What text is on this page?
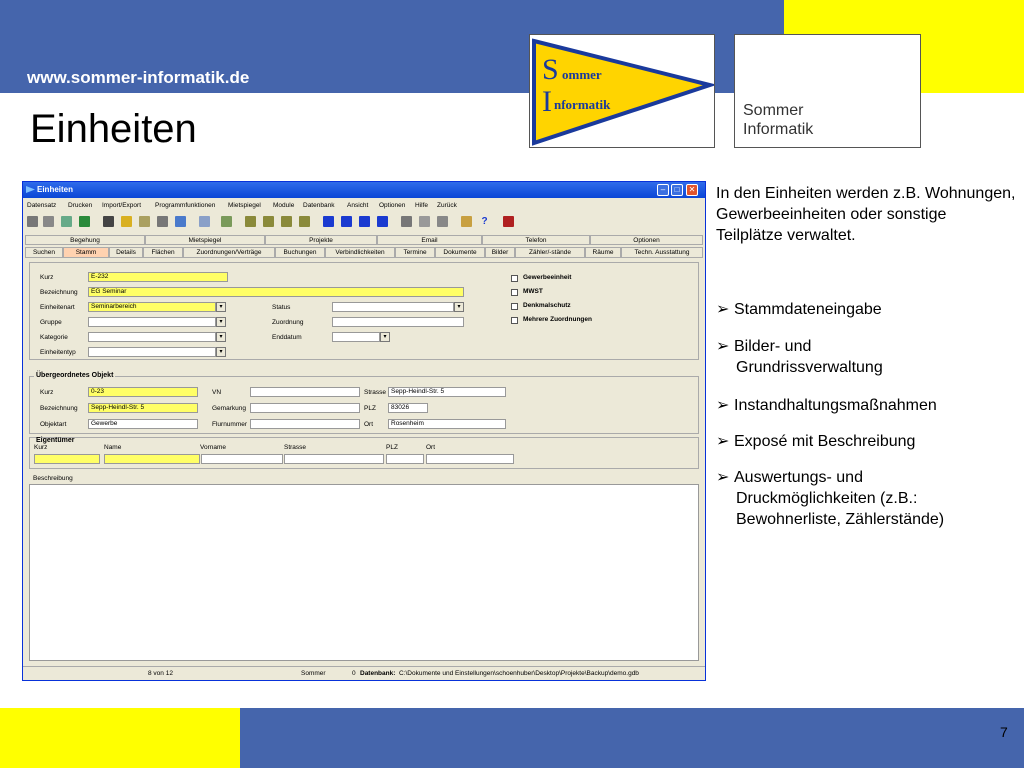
www.sommer-informatik.de
Einheiten
S ommer
I nformatik	Sommer
Informatik
In den Einheiten werden z.B. Wohnungen, Gewerbeeinheiten oder sonstige Teilplätze verwaltet.
➢ Stammdateneingabe
➢ Bilder- und
Grundrissverwaltung
➢ Instandhaltungsmaßnahmen
➢ Exposé mit Beschreibung
➢ Auswertungs- und
Druckmöglichkeiten (z.B.:
Bewohnerliste, Zählerstände)
7
Einheiten	–	□	✕
Datensatz Drucken Import/Export Programmfunktionen Mietspiegel Module Datenbank Ansicht Optionen Hilfe Zurück
?
Begehung	Mietspiegel	Projekte	Email	Telefon	Optionen
Suchen	Stamm	Details	Flächen	Zuordnungen/Verträge	Buchungen	Verbindlichkeiten	Termine	Dokumente	Bilder	Zähler/-stände	Räume	Techn. Ausstattung
Kurz	E-232
Bezeichnung	EG Seminar
Einheitenart	Seminarbereich	▾
Gruppe	▾
Kategorie	▾
Einheitentyp	▾
Status	▾
Zuordnung
Enddatum	▾
Gewerbeeinheit
MWST
Denkmalschutz
Mehrere Zuordnungen
Übergeordnetes Objekt
Kurz	0-23
Bezeichnung	Sepp-Heindl-Str. 5
Objektart	Gewerbe
VN
Gemarkung
Flurnummer
Strasse Sepp-Heindl-Str. 5
PLZ	83026
Ort	Rosenheim
Eigentümer
Kurz	Name	Vorname	Strasse	PLZ	Ort
Beschreibung
8 von 12	Sommer	0 Datenbank: C:\Dokumente und Einstellungen\schoenhuber\Desktop\Projekte\Backup\demo.gdb
